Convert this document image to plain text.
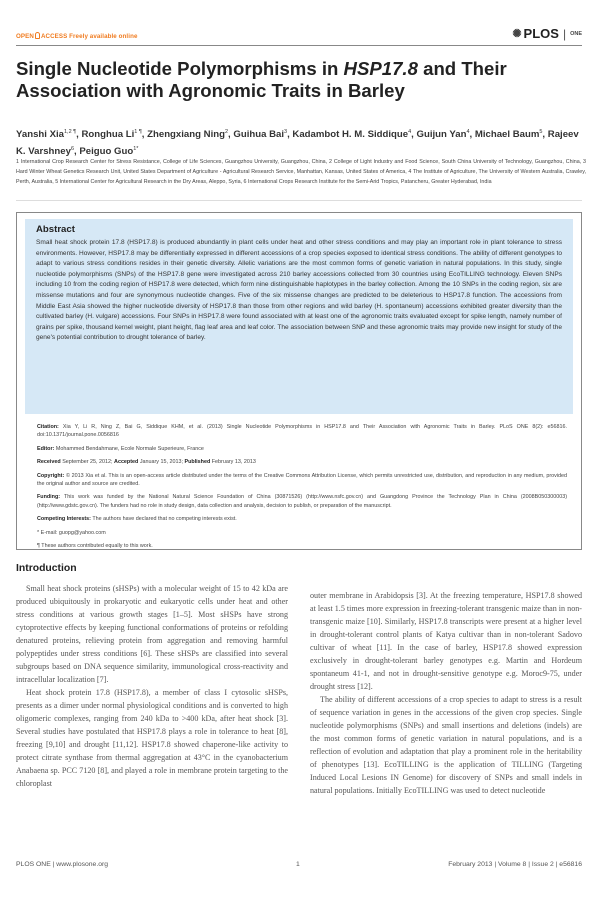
OPEN ACCESS Freely available online	✺ PLOS | ONE
Single Nucleotide Polymorphisms in HSP17.8 and Their Association with Agronomic Traits in Barley
Yanshi Xia$^{1,2 \P}$, Ronghua $Li^{1 \P}$, Zhengxiang Ning$^2$, Guihua Bai$^3$, Kadambot H. M. Siddique$^4$, Guijun Yan$^4$, Michael Baum$^5$, Rajeev K. Varshney$^6$, Peiguo Guo$^{1*}$
1 International Crop Research Center for Stress Resistance, College of Life Sciences, Guangzhou University, Guangzhou, China, 2 College of Light Industry and Food Science, South China University of Technology, Guangzhou, China, 3 Hard Winter Wheat Genetics Research Unit, United States Department of Agriculture - Agricultural Research Service, Manhattan, Kansas, United States of America, 4 The Institute of Agriculture, The University of Western Australia, Crawley, Perth, Australia, 5 International Center for Agricultural Research in the Dry Areas, Aleppo, Syria, 6 International Crops Research Institute for the Semi-Arid Tropics, Patancheru, Greater Hyderabad, India
Abstract

Small heat shock protein 17.8 (HSP17.8) is produced abundantly in plant cells under heat and other stress conditions and may play an important role in plant tolerance to stress environments. However, HSP17.8 may be differentially expressed in different accessions of a crop species exposed to identical stress conditions. The ability of different genotypes to adapt to various stress conditions resides in their genetic diversity. Allelic variations are the most common forms of genetic variation in natural populations. In this study, single nucleotide polymorphisms (SNPs) of the HSP17.8 gene were investigated across 210 barley accessions collected from 30 countries using EcoTILLING technology. Eleven SNPs including 10 from the coding region of HSP17.8 were detected, which form nine distinguishable haplotypes in the barley collection. Among the 10 SNPs in the coding region, six are missense mutations and four are synonymous nucleotide changes. Five of the six missense changes are predicted to be deleterious to HSP17.8 function. The accessions from Middle East Asia showed the higher nucleotide diversity of HSP17.8 than those from other regions and wild barley (H. spontaneum) accessions exhibited greater diversity than the cultivated barley (H. vulgare) accessions. Four SNPs in HSP17.8 were found associated with at least one of the agronomic traits evaluated except for spike length, namely number of grains per spike, thousand kernel weight, plant height, flag leaf area and leaf color. The association between SNP and these agronomic traits may provide new insight for study of the gene's potential contribution to drought tolerance of barley.

Citation: Xia Y, Li R, Ning Z, Bai G, Siddique KHM, et al. (2013) Single Nucleotide Polymorphisms in HSP17.8 and Their Association with Agronomic Traits in Barley. PLoS ONE 8(2): e56816. doi:10.1371/journal.pone.0056816

Editor: Mohammed Bendahmane, Ecole Normale Superieure, France

Received September 25, 2012; Accepted January 15, 2013; Published February 13, 2013

Copyright: © 2013 Xia et al. This is an open-access article distributed under the terms of the Creative Commons Attribution License, which permits unrestricted use, distribution, and reproduction in any medium, provided the original author and source are credited.

Funding: This work was funded by the National Natural Science Foundation of China (30871526) (http://www.nsfc.gov.cn) and Guangdong Province the Technology Plan in China (2008B050300003) (http://www.gdstc.gov.cn). The funders had no role in study design, data collection and analysis, decision to publish, or preparation of the manuscript.

Competing Interests: The authors have declared that no competing interests exist.

* E-mail: guopg@yahoo.com

¶ These authors contributed equally to this work.

Introduction

Small heat shock proteins (sHSPs) with a molecular weight of 15 to 42 kDa are produced ubiquitously in prokaryotic and eukaryotic cells under heat and other stress conditions at various growth stages [1–5]. Most sHSPs have strong cytoprotective effects by keeping functional conformations of proteins or refolding denatured proteins, relieving protein from aggregation and removing harmful polypeptides under stress conditions [6]. These sHSPs are classified into several subgroups based on DNA sequence similarity, immunological cross-reactivity and intracellular localization [7].

Heat shock protein 17.8 (HSP17.8), a member of class I cytosolic sHSPs, presents as a dimer under normal physiological conditions and is converted to high oligomeric complexes, ranging from 240 kDa to >400 kDa, after heat shock [3]. Several studies have postulated that HSP17.8 plays a role in tolerance to heat [8], freezing [9,10] and drought [11,12]. HSP17.8 showed chaperone-like activity to protect citrate synthase from thermal aggregation at 43°C in the cyanobacterium Anabaena sp. PCC 7120 [8], and played a role in membrane protein targeting to the chloroplast

outer membrane in Arabidopsis [3]. At the freezing temperature, HSP17.8 showed at least 1.5 times more expression in freezing-tolerant transgenic maize than in non-transgenic maize [10]. Similarly, HSP17.8 transcripts were present at a higher level in drought-tolerant control plants of Katya cultivar than in non-tolerant Sadovo cultivar of wheat [11]. In the case of barley, HSP17.8 showed expression exclusively in drought-tolerant barley genotypes e.g. Martin and Hordeum spontaneum 41-1, and not in drought-sensitive genotype e.g. Moroc9-75, under drought stress [12].

The ability of different accessions of a crop species to adapt to stress is a result of sequence variation in genes in the accessions of the given crop species. Single nucleotide polymorphisms (SNPs) and small insertions and deletions (indels) are the most common forms of genetic variation in natural populations, and is a reflection of evolution and adaptation that play a prominent role in the heritability of phenotypes [13]. EcoTILLING is the application of TILLING (Targeting Induced Local Lesions IN Genome) for discovery of SNPs and small indels in natural populations. Initially EcoTILLING was used to detect nucleotide

PLOS ONE | www.plosone.org	1	February 2013 | Volume 8 | Issue 2 | e56816
